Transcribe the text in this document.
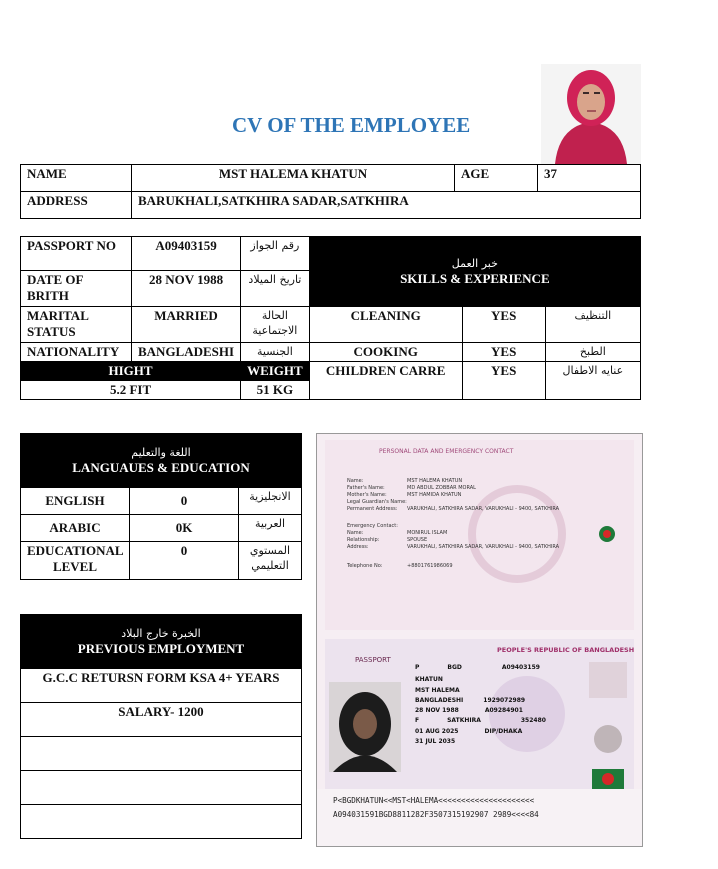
CV OF THE EMPLOYEE
NAME	MST HALEMA KHATUN	AGE	37
ADDRESS	BARUKHALI,SATKHIRA SADAR,SATKHIRA		
PASSPORT NO	A09403159	رقم الجواز	خبر العمل
SKILLS & EXPERIENCE		

DATE OF BRITH	28 NOV 1988	تاريخ الميلاد			
MARITAL STATUS	MARRIED	الحالة الاجتماعية	CLEANING	YES	التنظيف
NATIONALITY	BANGLADESHI	الجنسية	COOKING	YES	الطبخ
HIGHT		WEIGHT	CHILDREN CARRE	YES	عنايه الاطفال
5.2 FIT		51 KG			
اللغة والتعليم
LANGUAUES & EDUCATION		

ENGLISH	0	الانجليزية
ARABIC	0K	العربية
EDUCATIONAL LEVEL	0	المستوي التعليمي
الخبرة خارج البلاد
PREVIOUS EMPLOYMENT

G.C.C RETURSN FORM KSA 4+ YEARS
SALARY- 1200

PERSONAL DATA AND EMERGENCY CONTACT
Name:	MST HALEMA KHATUN
Father's Name:	MD ABDUL ZOBBAR MORAL
Mother's Name:	MST HAMIDA KHATUN
Legal Guardian's Name:
Permanent Address: VARUKHALI, SATKHIRA SADAR, VARUKHALI - 9400, SATKHIRA
Emergency Contact:
Name:	MONIRUL ISLAM
Relationship:	SPOUSE
Address:	VARUKHALI, SATKHIRA SADAR, VARUKHALI - 9400, SATKHIRA
Telephone No:	+8801761986069
PEOPLE'S REPUBLIC OF BANGLADESH
PASSPORT
P	BGD	A09403159
KHATUN
MST HALEMA
BANGLADESHI	1929072989
28 NOV 1988	A09284901
F	SATKHIRA	352480
01 AUG 2025	DIP/DHAKA
31 JUL 2035
P<BGDKHATUN<<MST<HALEMA<<<<<<<<<<<<<<<<<<<<<
A094031591BGD8811282F3507315192907 2989<<<<84
